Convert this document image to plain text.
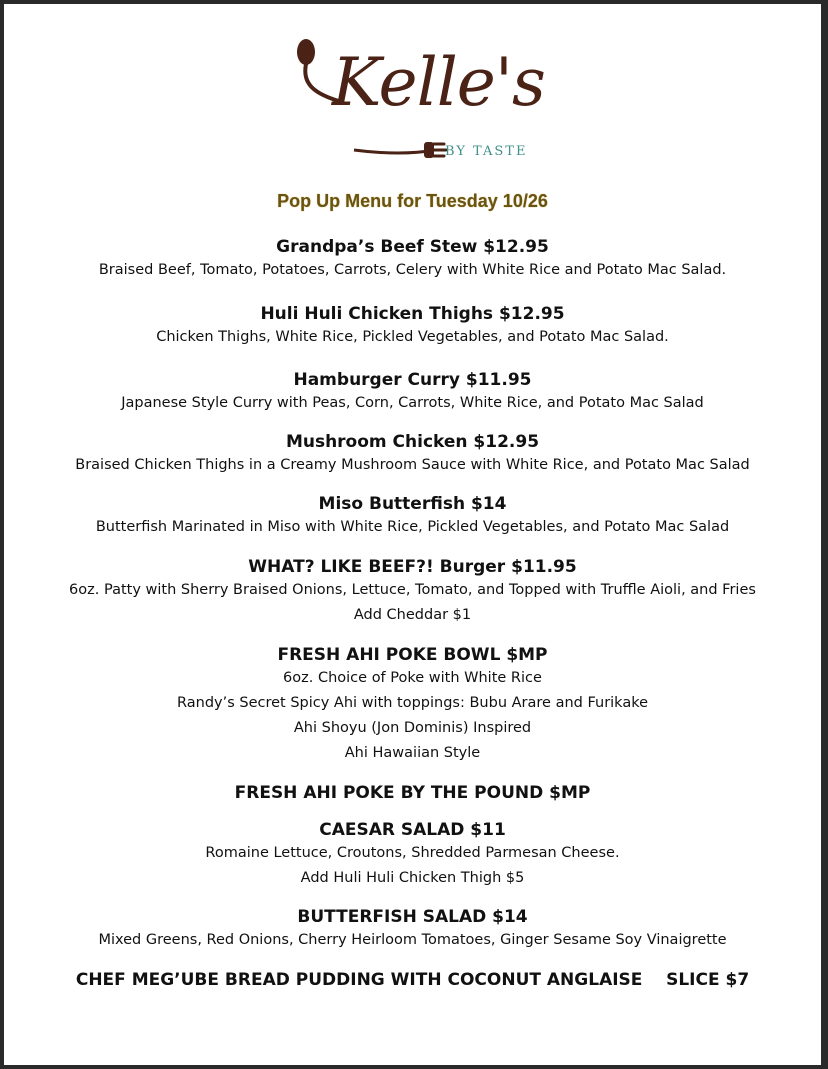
Kelle's
BY TASTE
Pop Up Menu for Tuesday 10/26
Grandpa’s Beef Stew $12.95
Braised Beef, Tomato, Potatoes, Carrots, Celery with White Rice and Potato Mac Salad.
Huli Huli Chicken Thighs $12.95
Chicken Thighs, White Rice, Pickled Vegetables, and Potato Mac Salad.
Hamburger Curry $11.95
Japanese Style Curry with Peas, Corn, Carrots, White Rice, and Potato Mac Salad
Mushroom Chicken $12.95
Braised Chicken Thighs in a Creamy Mushroom Sauce with White Rice, and Potato Mac Salad
Miso Butterfish $14
Butterfish Marinated in Miso with White Rice, Pickled Vegetables, and Potato Mac Salad
WHAT? LIKE BEEF?! Burger $11.95
6oz. Patty with Sherry Braised Onions, Lettuce, Tomato, and Topped with Truffle Aioli, and Fries
Add Cheddar $1
FRESH AHI POKE BOWL $MP
6oz. Choice of Poke with White Rice
Randy’s Secret Spicy Ahi with toppings: Bubu Arare and Furikake
Ahi Shoyu (Jon Dominis) Inspired
Ahi Hawaiian Style
FRESH AHI POKE BY THE POUND $MP
CAESAR SALAD $11
Romaine Lettuce, Croutons, Shredded Parmesan Cheese.
Add Huli Huli Chicken Thigh $5
BUTTERFISH SALAD $14
Mixed Greens, Red Onions, Cherry Heirloom Tomatoes, Ginger Sesame Soy Vinaigrette
CHEF MEG’UBE BREAD PUDDING WITH COCONUT ANGLAISE    SLICE $7
